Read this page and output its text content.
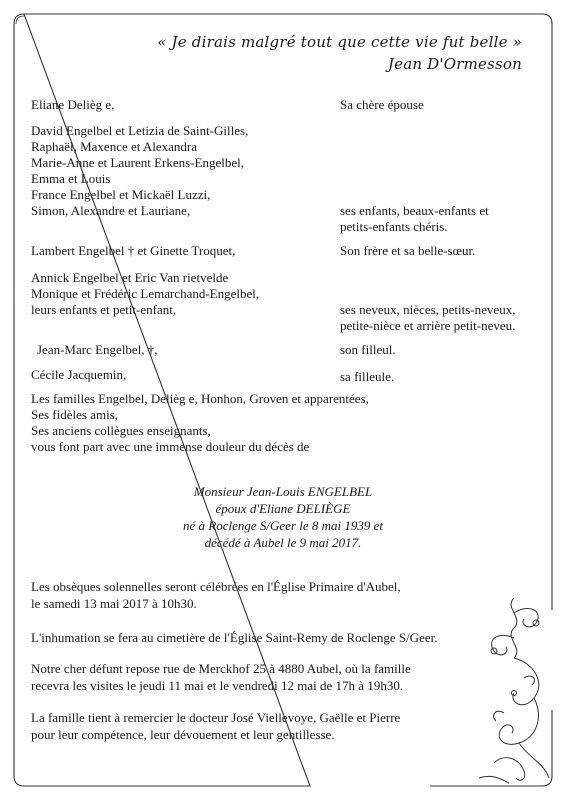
« Je dirais malgré tout que cette vie fut belle »
Jean D'Ormesson
Eliane Delièg e,	Sa chère épouse
David Engelbel et Letizia de Saint-Gilles,
Raphaël, Maxence et Alexandra
Marie-Anne et Laurent Erkens-Engelbel,
Emma et Louis
France Engelbel et Mickaël Luzzi,
Simon, Alexandre et Lauriane,	ses enfants, beaux-enfants et
petits-enfants chéris.
Lambert Engelbel † et Ginette Troquet,	Son frère et sa belle-sœur.
Annick Engelbel et Eric Van rietvelde
Monique et Frédéric Lemarchand-Engelbel,
leurs enfants et petit-enfant,	ses neveux, nièces, petits-neveux,
petite-nièce et arrière petit-neveu.
Jean-Marc Engelbel, †,	son filleul.
Cécile Jacquemin,	sa filleule.
Les familles Engelbel, Delièg e, Honhon, Groven et apparentées,
Ses fidèles amis,
Ses anciens collègues enseignants,
vous font part avec une immense douleur du décès de
Monsieur Jean-Louis ENGELBEL
époux d'Eliane DELIÈGE
né à Roclenge S/Geer le 8 mai 1939 et
décédé à Aubel le 9 mai 2017.
Les obsèques solennelles seront célébrées en l'Église Primaire d'Aubel,
le samedi 13 mai 2017 à 10h30.
L'inhumation se fera au cimetière de l'Église Saint-Remy de Roclenge S/Geer.
Notre cher défunt repose rue de Merckhof 25 à 4880 Aubel, où la famille
recevra les visites le jeudi 11 mai et le vendredi 12 mai de 17h à 19h30.
La famille tient à remercier le docteur José Viellevoye, Gaëlle et Pierre
pour leur compétence, leur dévouement et leur gentillesse.
